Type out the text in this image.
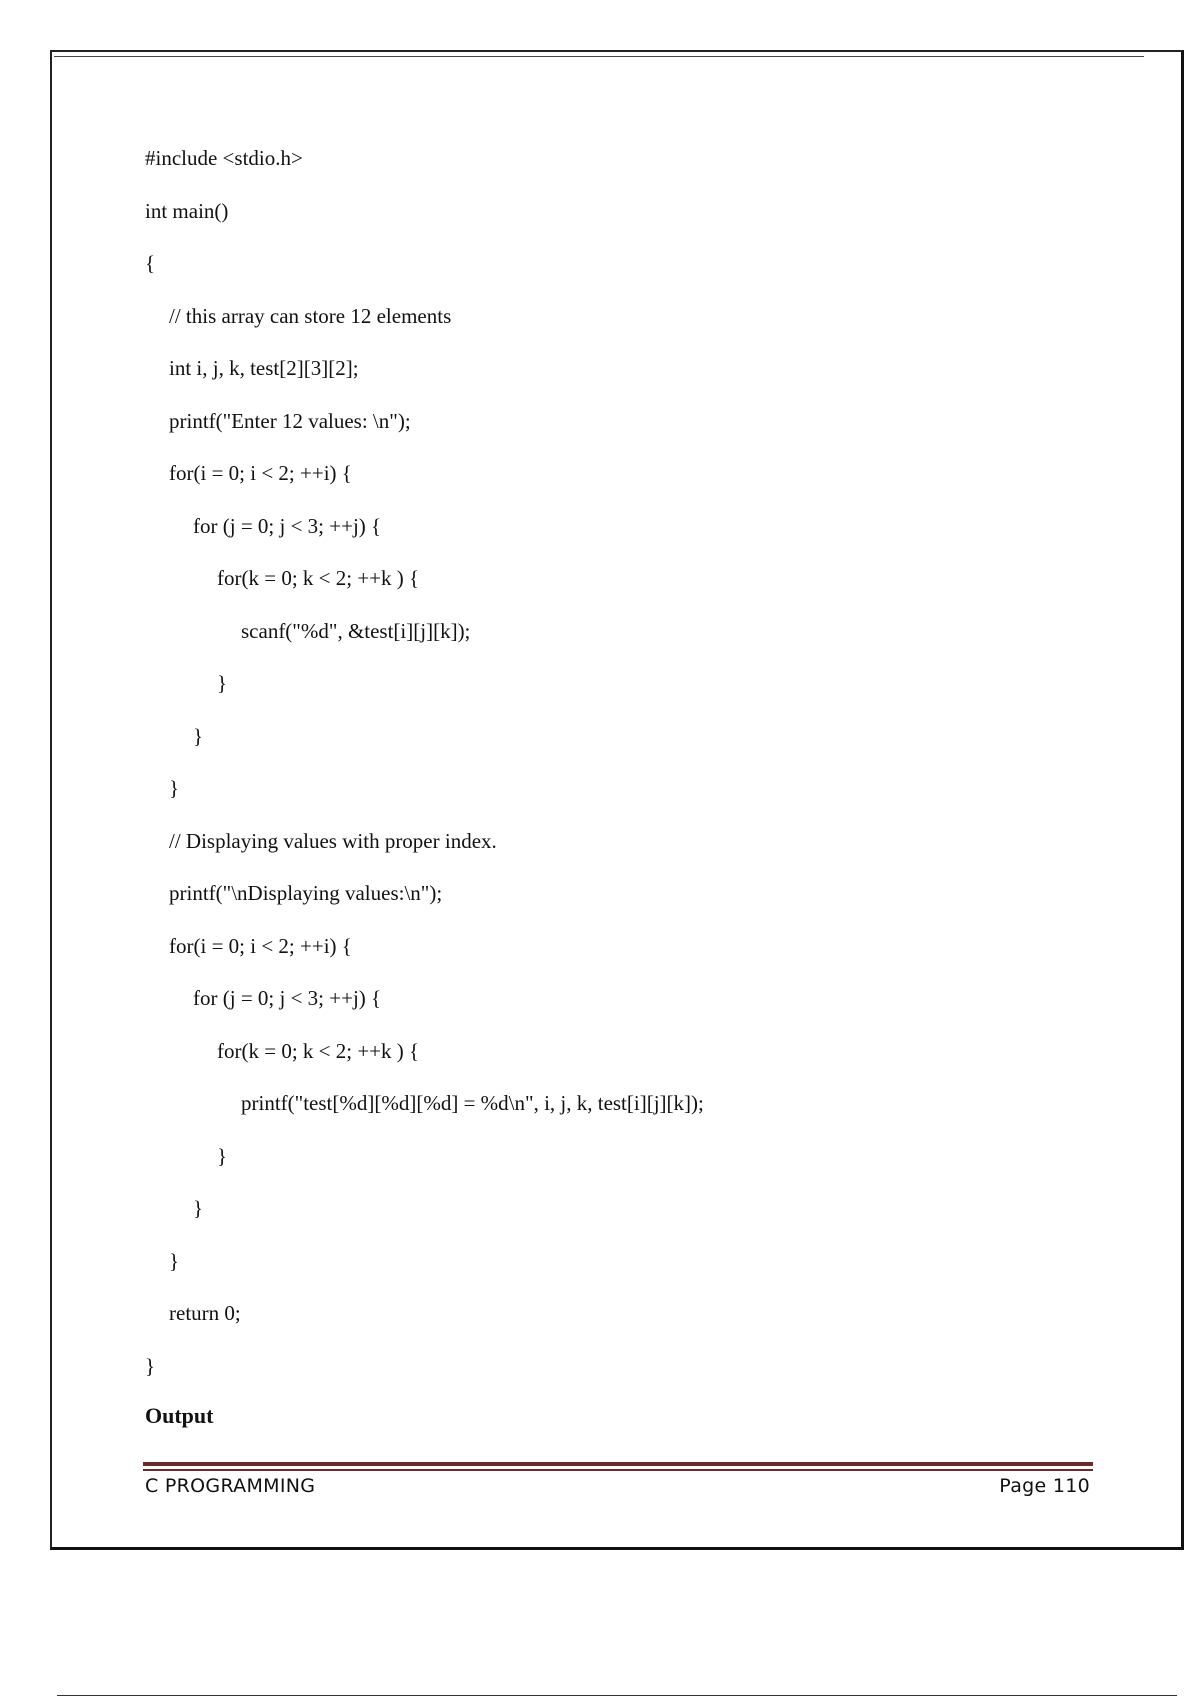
#include <stdio.h>
int main()
{
// this array can store 12 elements
int i, j, k, test[2][3][2];
printf("Enter 12 values: \n");
for(i = 0; i < 2; ++i) {
for (j = 0; j < 3; ++j) {
for(k = 0; k < 2; ++k ) {
scanf("%d", &test[i][j][k]);
}
}
}
// Displaying values with proper index.
printf("\nDisplaying values:\n");
for(i = 0; i < 2; ++i) {
for (j = 0; j < 3; ++j) {
for(k = 0; k < 2; ++k ) {
printf("test[%d][%d][%d] = %d\n", i, j, k, test[i][j][k]);
}
}
}
return 0;
}
Output
C PROGRAMMING	Page 110
